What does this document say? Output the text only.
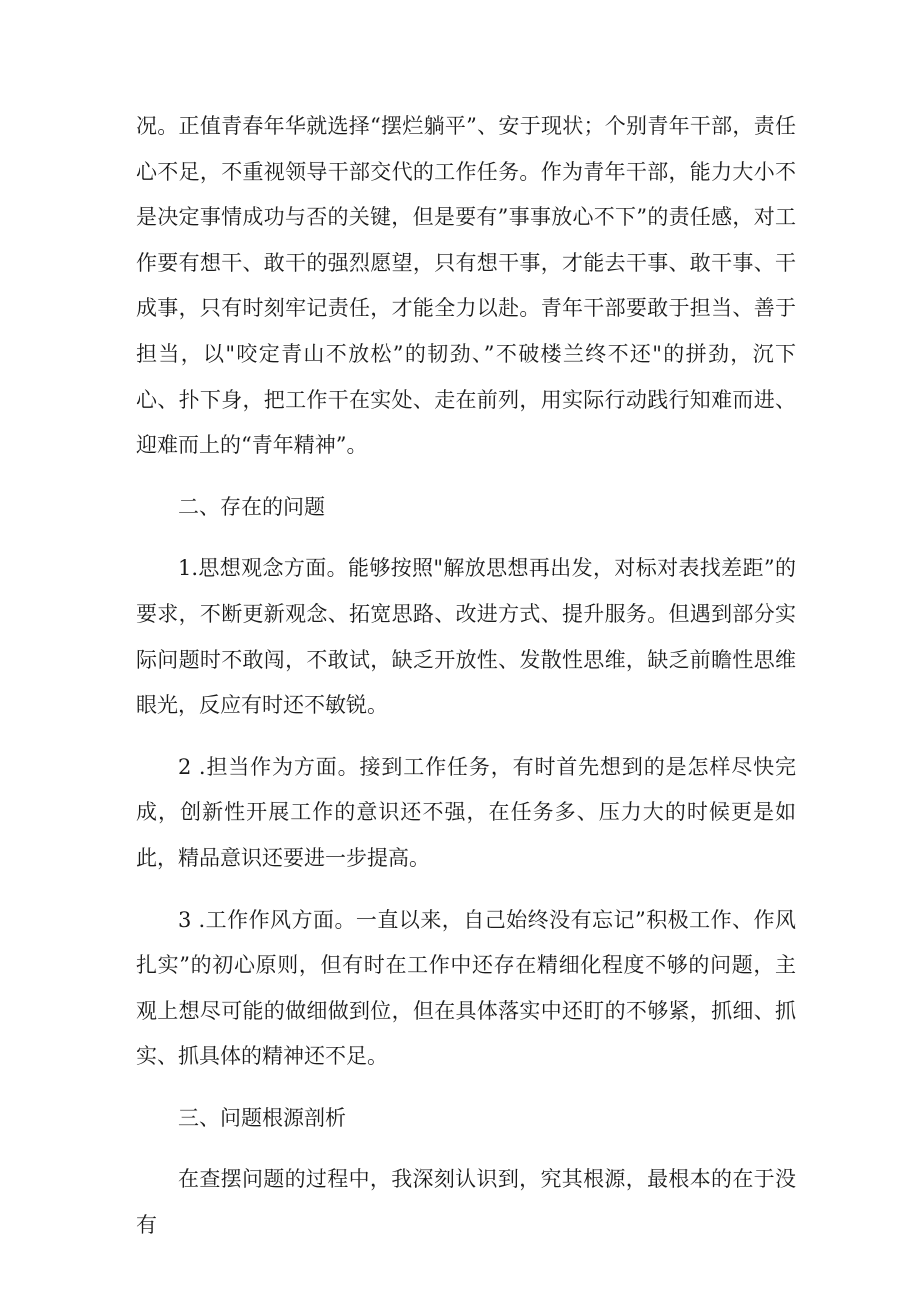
况。正值青春年华就选择“摆烂躺平”、安于现状；个别青年干部，责任心不足，不重视领导干部交代的工作任务。作为青年干部，能力大小不是决定事情成功与否的关键，但是要有”事事放心不下”的责任感，对工作要有想干、敢干的强烈愿望，只有想干事，才能去干事、敢干事、干成事，只有时刻牢记责任，才能全力以赴。青年干部要敢于担当、善于担当，以"咬定青山不放松”的韧劲、”不破楼兰终不还"的拼劲，沉下心、扑下身，把工作干在实处、走在前列，用实际行动践行知难而进、迎难而上的“青年精神”。

二、存在的问题

1.思想观念方面。能够按照"解放思想再出发，对标对表找差距”的要求，不断更新观念、拓宽思路、改进方式、提升服务。但遇到部分实际问题时不敢闯，不敢试，缺乏开放性、发散性思维，缺乏前瞻性思维眼光，反应有时还不敏锐。

2 .担当作为方面。接到工作任务，有时首先想到的是怎样尽快完成，创新性开展工作的意识还不强，在任务多、压力大的时候更是如此，精品意识还要进一步提高。

3 .工作作风方面。一直以来，自己始终没有忘记”积极工作、作风扎实”的初心原则，但有时在工作中还存在精细化程度不够的问题，主观上想尽可能的做细做到位，但在具体落实中还盯的不够紧，抓细、抓实、抓具体的精神还不足。

三、问题根源剖析

在查摆问题的过程中，我深刻认识到，究其根源，最根本的在于没有
